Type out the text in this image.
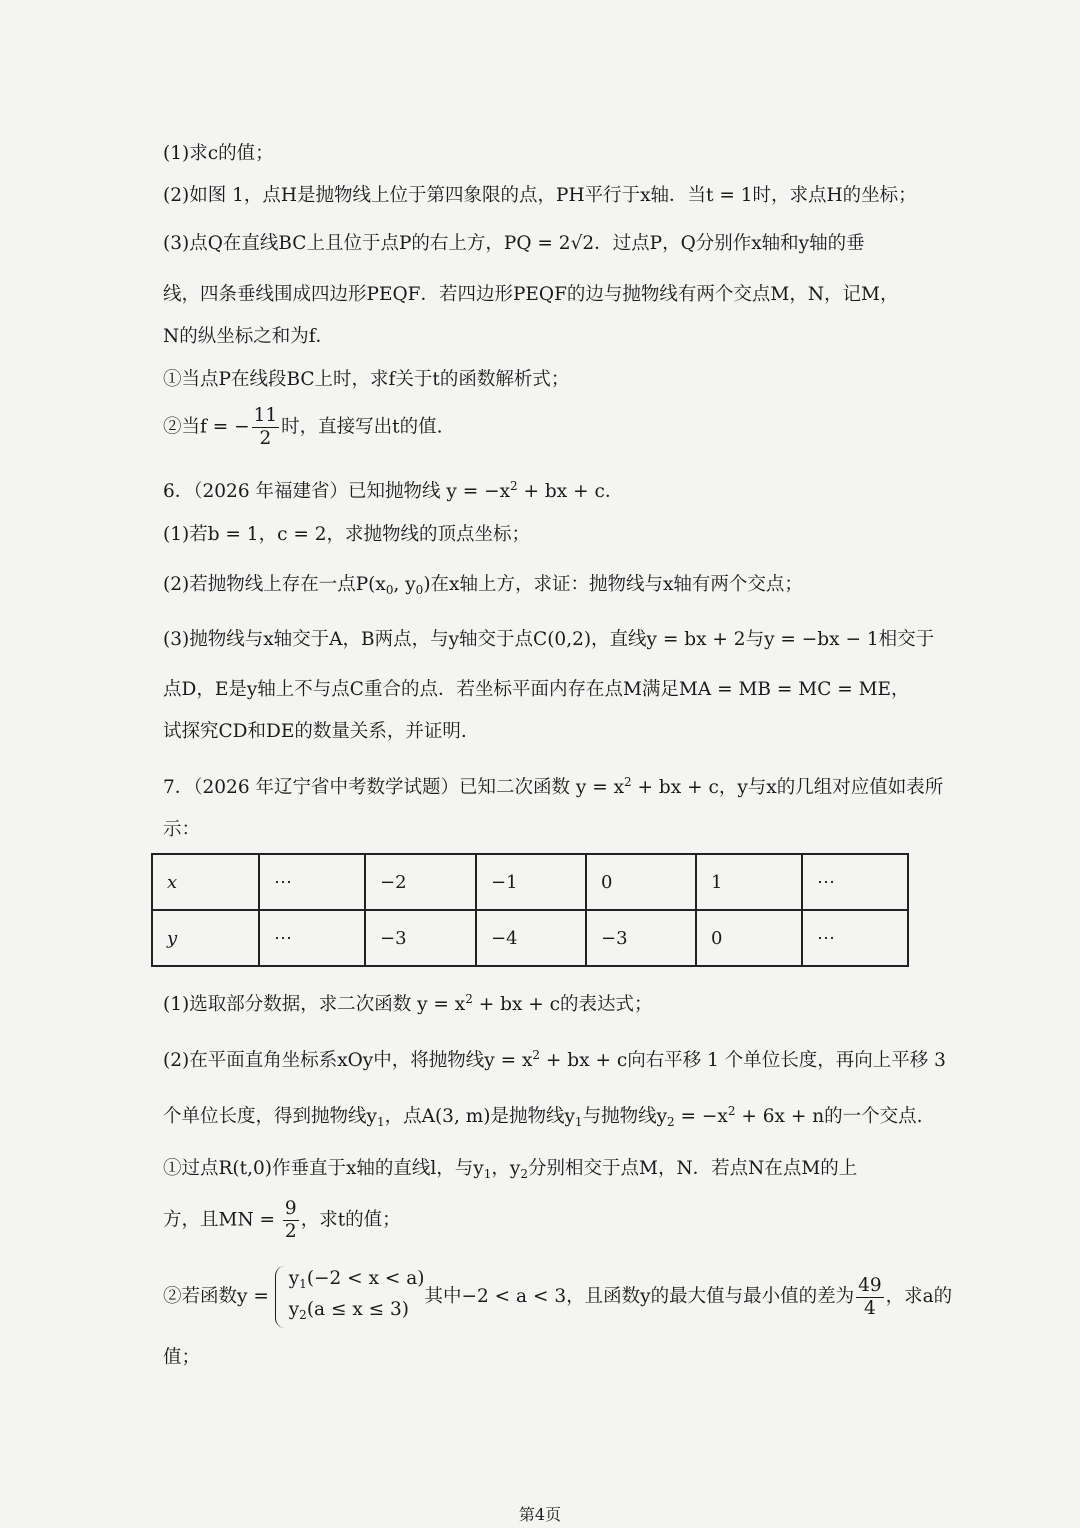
(1)求c的值；
(2)如图 1，点H是抛物线上位于第四象限的点，PH平行于x轴．当t = 1时，求点H的坐标；
(3)点Q在直线BC上且位于点P的右上方，PQ = 2√2．过点P，Q分别作x轴和y轴的垂
线，四条垂线围成四边形PEQF．若四边形PEQF的边与抛物线有两个交点M，N，记M，
N的纵坐标之和为f．
①当点P在线段BC上时，求f关于t的函数解析式；
②当f = − $\frac{11}{2}$ 时，直接写出t的值.
6．（2026 年福建省）已知抛物线 $y = -x^2$ + bx + c．
(1)若b = 1，c = 2，求抛物线的顶点坐标；
(2)若抛物线上存在一点$P(x_0$, $y_0$)在x轴上方，求证：抛物线与x轴有两个交点；
(3)抛物线与x轴交于A，B两点，与y轴交于点C(0,2)，直线y = bx + 2与y = −bx − 1相交于
点D，E是y轴上不与点C重合的点．若坐标平面内存在点M满足MA = MB = MC = ME，
试探究CD和DE的数量关系，并证明.
7．（2026 年辽宁省中考数学试题）已知二次函数 $y = x^2$ + bx + c，y与x的几组对应值如表所
示：
x	⋯	−2	−1	0	1	⋯
y	⋯	−3	−4	−3	0	⋯
(1)选取部分数据，求二次函数 $y = x^2$ + bx + c的表达式；
(2)在平面直角坐标系xOy中，将抛物线$y = x^2$ + bx + c向右平移 1 个单位长度，再向上平移 3
个单位长度，得到抛物线$y_1$，点A(3, m)是抛物线$y_1$与抛物线$y_2 = -x^2 + 6x + n$的一个交点.
①过点R(t,0)作垂直于x轴的直线l，与$y_1$，$y_2$分别相交于点M，N．若点N在点M的上
方，且MN = $\frac{9}{2}$ ，求t的值；
②若函数y =
$y_1(-2 < x < a)$
$y_2(a \le x \le 3)$
其中−2 < a < 3，且函数y的最大值与最小值的差为 $\frac{49}{4}$ ，求a的
值；
第4页
